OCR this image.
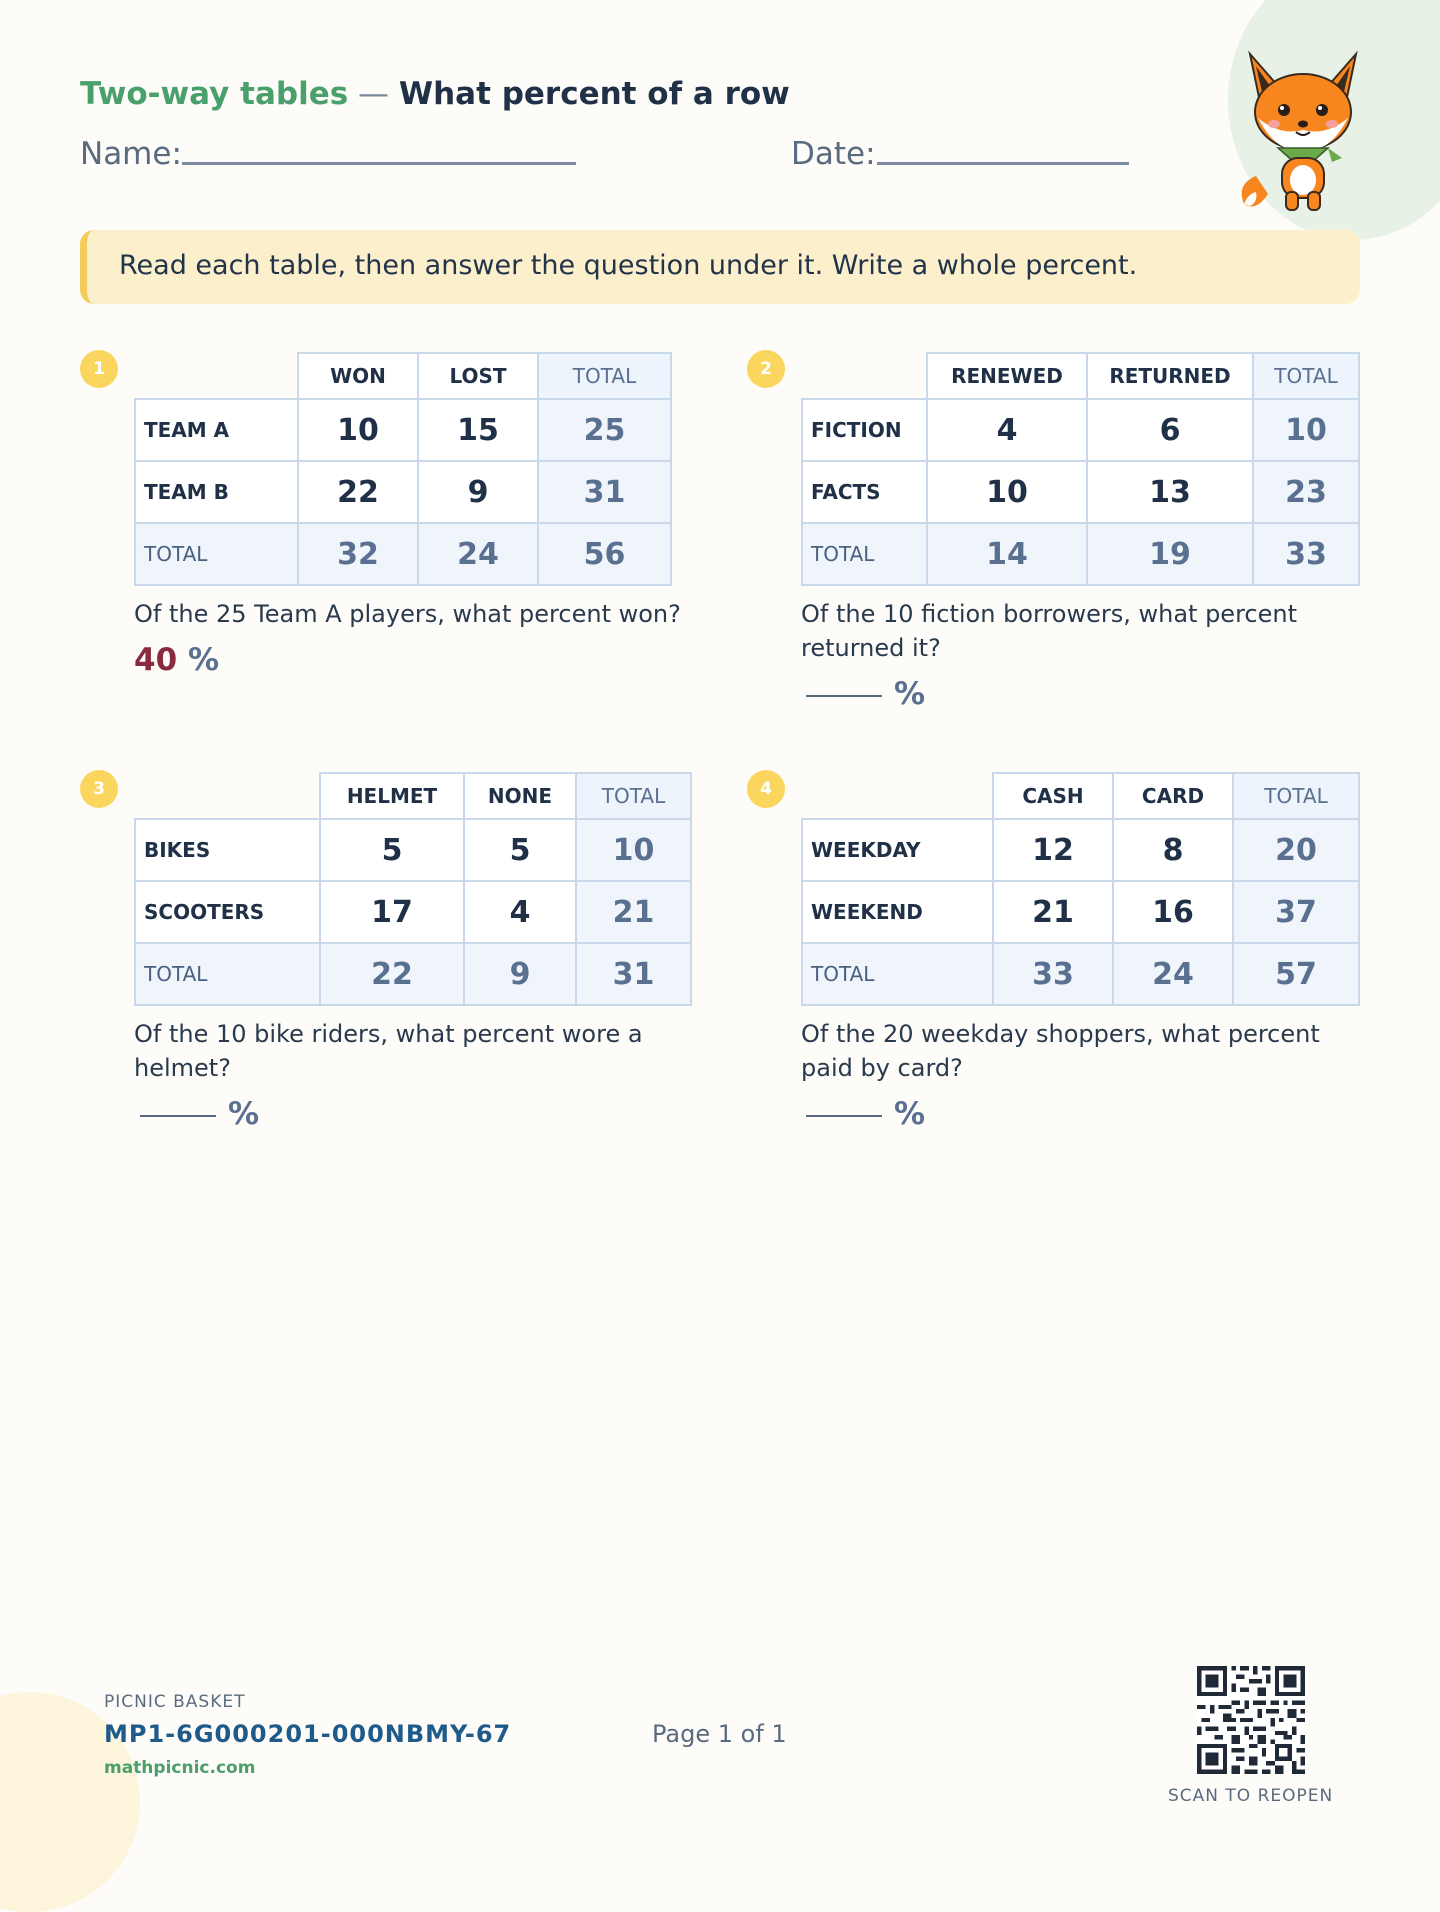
Two-way tables — What percent of a row
Name:	Date:
Read each table, then answer the question under it. Write a whole percent.
1
		WON	LOST	TOTAL
TEAM A	10	15	25
TEAM B	22	9	31
TOTAL	32	24	56
Of the 25 Team A players, what percent won?
40 %
2
		RENEWED	RETURNED	TOTAL
FICTION	4	6	10
FACTS	10	13	23
TOTAL	14	19	33
Of the 10 fiction borrowers, what percent returned it?
%
3
		HELMET	NONE	TOTAL
BIKES	5	5	10
SCOOTERS	17	4	21
TOTAL	22	9	31
Of the 10 bike riders, what percent wore a helmet?
%
4
		CASH	CARD	TOTAL
WEEKDAY	12	8	20
WEEKEND	21	16	37
TOTAL	33	24	57
Of the 20 weekday shoppers, what percent paid by card?
%
PICNIC BASKET
MP1-6G000201-000NBMY-67
mathpicnic.com
Page 1 of 1
SCAN TO REOPEN
